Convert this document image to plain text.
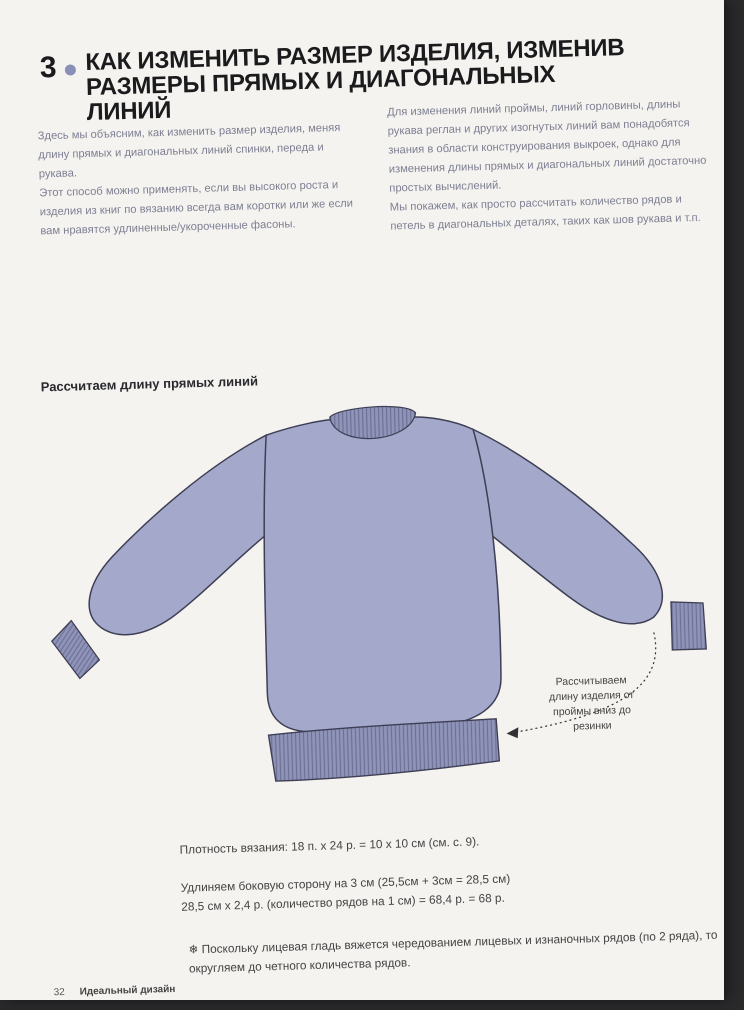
3 КАК ИЗМЕНИТЬ РАЗМЕР ИЗДЕЛИЯ, ИЗМЕНИВ РАЗМЕРЫ ПРЯМЫХ И ДИАГОНАЛЬНЫХ ЛИНИЙ

Здесь мы объясним, как изменить размер изделия, меняя длину прямых и диагональных линий спинки, переда и рукава.

Этот способ можно применять, если вы высокого роста и изделия из книг по вязанию всегда вам коротки или же если вам нравятся удлиненные/укороченные фасоны.

Для изменения линий проймы, линий горловины, длины рукава реглан и других изогнутых линий вам понадобятся знания в области конструирования выкроек, однако для изменения длины прямых и диагональных линий достаточно простых вычислений.

Мы покажем, как просто рассчитать количество рядов и петель в диагональных деталях, таких как шов рукава и т.п.

Рассчитаем длину прямых линий
Рассчитываем длину изделия от проймы вниз до резинки
Плотность вязания: 18 п. х 24 р. = 10 х 10 см (см. с. 9).
Удлиняем боковую сторону на 3 см (25,5см + 3см = 28,5 см)
28,5 см х 2,4 р. (количество рядов на 1 см) = 68,4 р. = 68 р.
❄ Поскольку лицевая гладь вяжется чередованием лицевых и изнаночных рядов (по 2 ряда), то округляем до четного количества рядов.
32 Идеальный дизайн
